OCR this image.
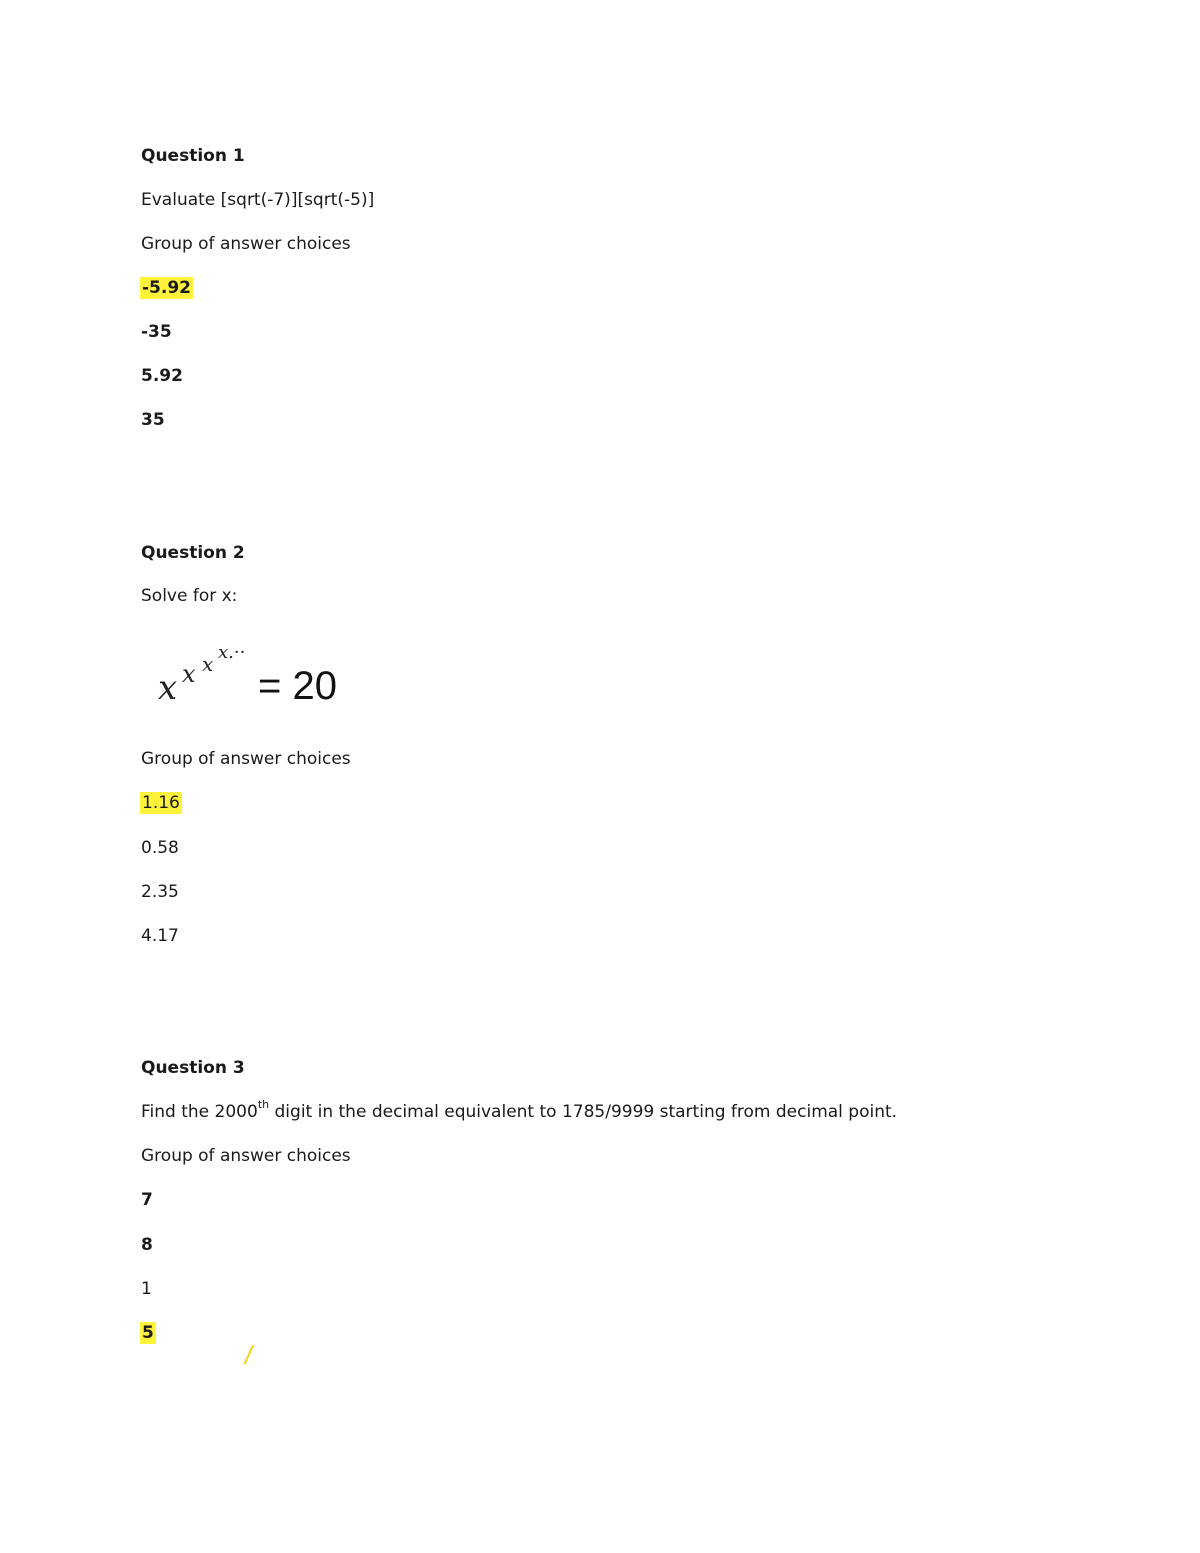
Question 1
Evaluate [sqrt(-7)][sqrt(-5)]
Group of answer choices
-5.92
-35
5.92
35
Question 2
Solve for x:
x x x x.··
= 20
Group of answer choices
1.16
0.58
2.35
4.17
Question 3
Find the 2000th digit in the decimal equivalent to 1785/9999 starting from decimal point.
Group of answer choices
7
8
1
5
/
